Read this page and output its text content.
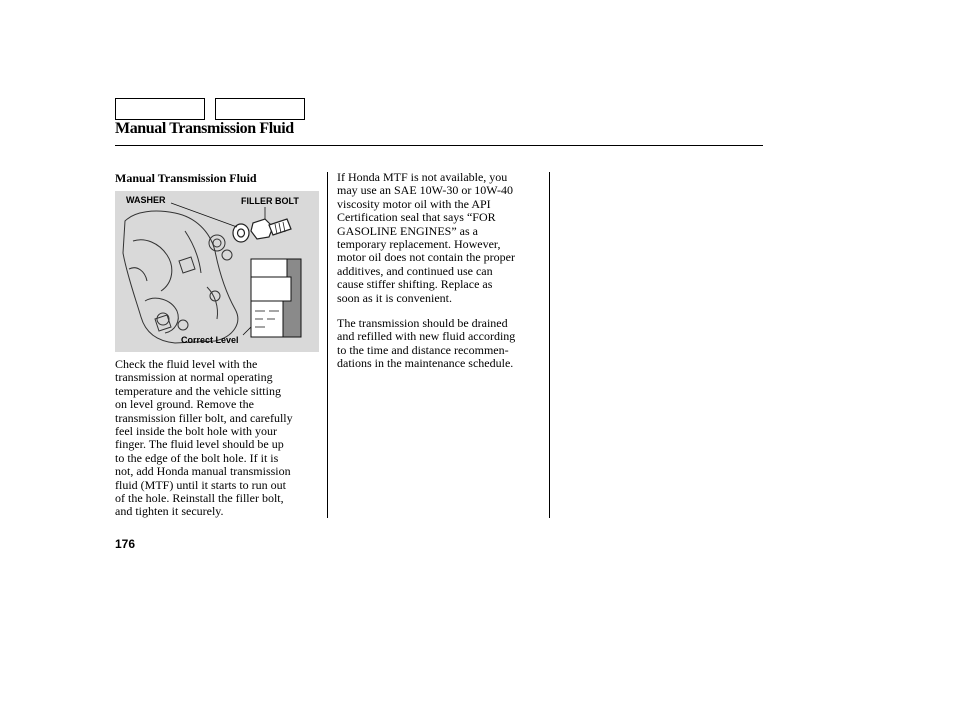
Manual Transmission Fluid
Manual Transmission Fluid
WASHER	FILLER BOLT
Correct Level

Check the fluid level with the
transmission at normal operating
temperature and the vehicle sitting
on level ground. Remove the
transmission filler bolt, and carefully
feel inside the bolt hole with your
finger. The fluid level should be up
to the edge of the bolt hole. If it is
not, add Honda manual transmission
fluid (MTF) until it starts to run out
of the hole. Reinstall the filler bolt,
and tighten it securely.

If Honda MTF is not available, you
may use an SAE 10W-30 or 10W-40
viscosity motor oil with the API
Certification seal that says “FOR
GASOLINE ENGINES” as a
temporary replacement. However,
motor oil does not contain the proper
additives, and continued use can
cause stiffer shifting. Replace as
soon as it is convenient.

The transmission should be drained
and refilled with new fluid according
to the time and distance recommen-
dations in the maintenance schedule.

176
